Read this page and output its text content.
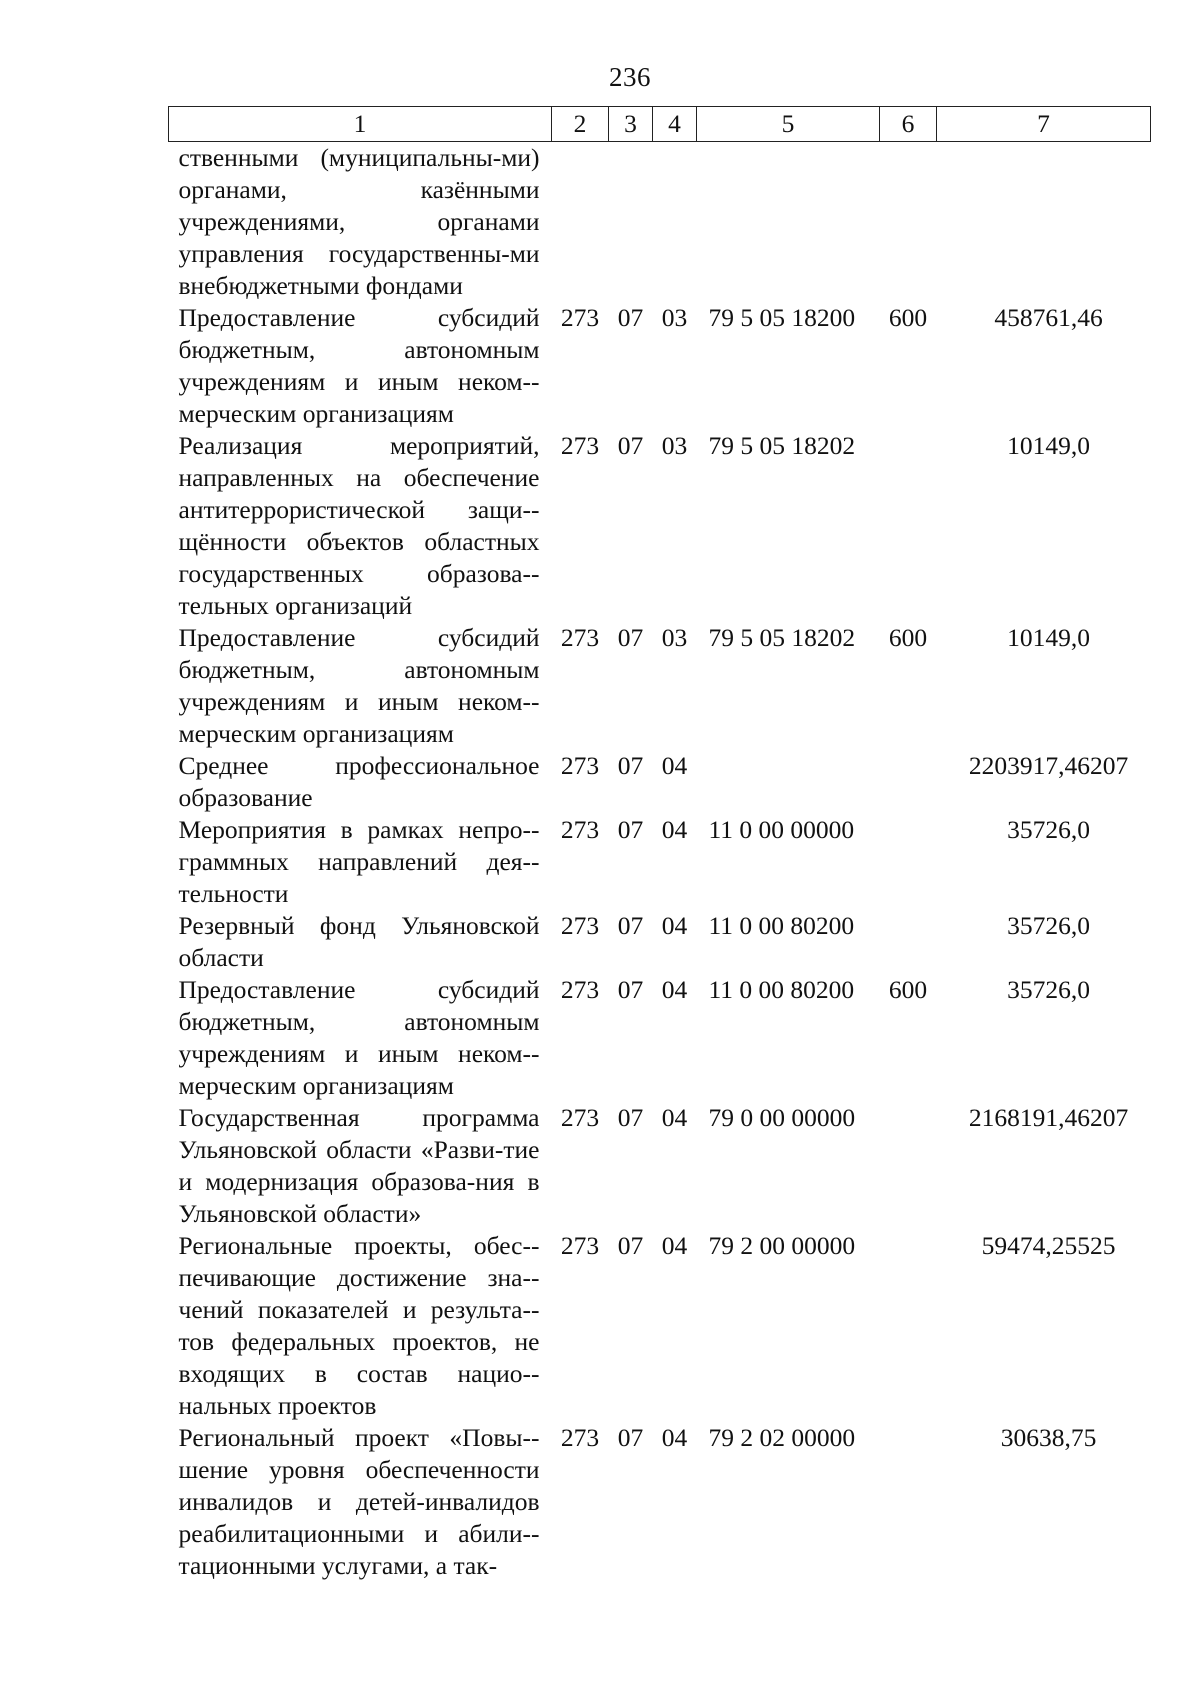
236
1	2	3	4	5	6	7
ственными (муниципальны-ми) органами, казёнными учреждениями, органами управления государственны-ми внебюджетными фондами						
Предоставление субсидий бюджетным, автономным учреждениям и иным неком-мерческим организациям	273	07	03	79 5 05 18200	600	458761,46
Реализация мероприятий, направленных на обеспечение антитеррористической защи-щённости объектов областных государственных образова-тельных организаций	273	07	03	79 5 05 18202		10149,0
Предоставление субсидий бюджетным, автономным учреждениям и иным неком-мерческим организациям	273	07	03	79 5 05 18202	600	10149,0
Среднее профессиональное образование	273	07	04			2203917,46207
Мероприятия в рамках непро-граммных направлений дея-тельности	273	07	04	11 0 00 00000		35726,0
Резервный фонд Ульяновской области	273	07	04	11 0 00 80200		35726,0
Предоставление субсидий бюджетным, автономным учреждениям и иным неком-мерческим организациям	273	07	04	11 0 00 80200	600	35726,0
Государственная программа Ульяновской области «Разви-тие и модернизация образова-ния в Ульяновской области»	273	07	04	79 0 00 00000		2168191,46207
Региональные проекты, обес-печивающие достижение зна-чений показателей и результа-тов федеральных проектов, не входящих в состав нацио-нальных проектов	273	07	04	79 2 00 00000		59474,25525
Региональный проект «Повы-шение уровня обеспеченности инвалидов и детей-инвалидов реабилитационными и абили-тационными услугами, а так-	273	07	04	79 2 02 00000		30638,75
